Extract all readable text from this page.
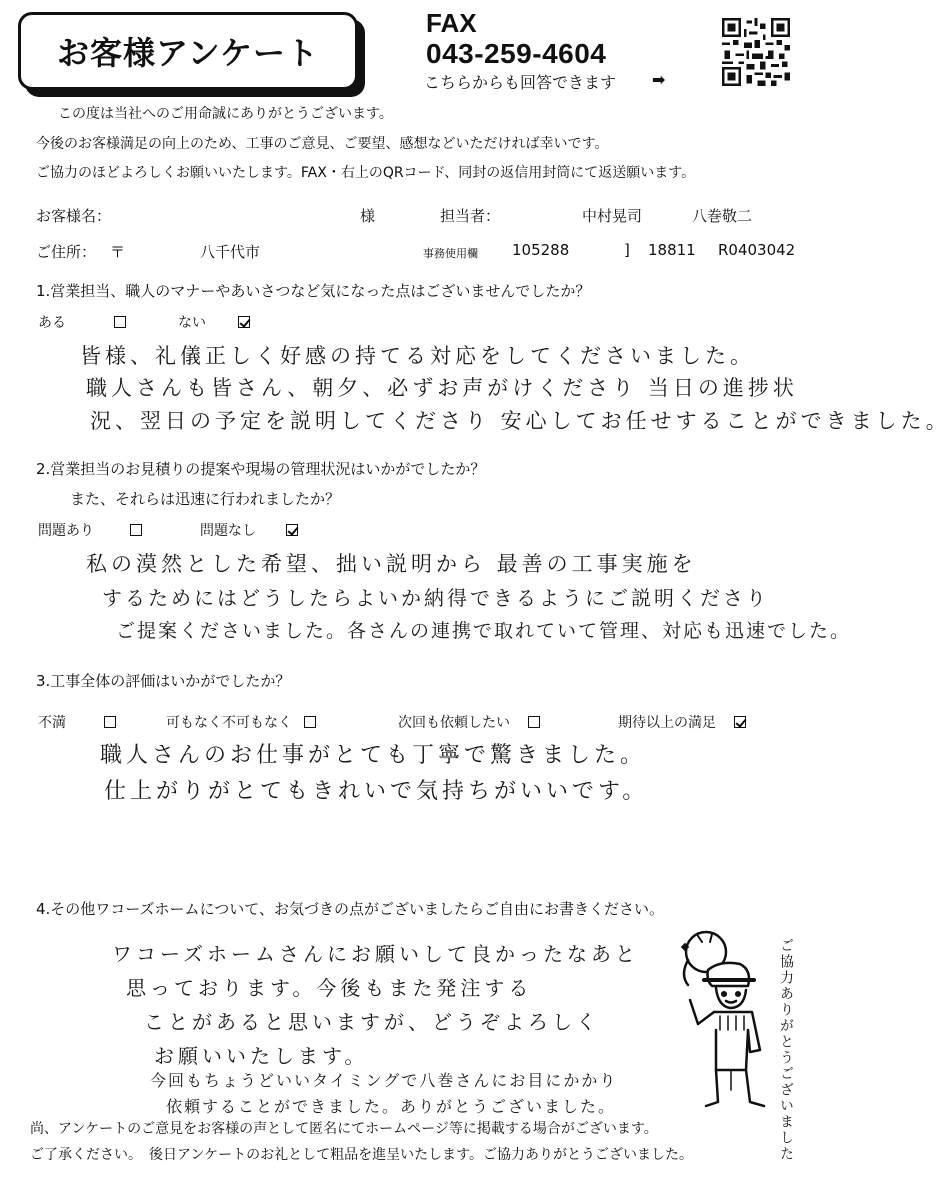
お客様アンケート
FAX
043-259-4604
こちらからも回答できます ➡
この度は当社へのご用命誠にありがとうございます。
今後のお客様満足の向上のため、工事のご意見、ご要望、感想などいただければ幸いです。
ご協力のほどよろしくお願いいたします。FAX・右上のQRコード、同封の返信用封筒にて返送願います。
お客様名：	様	担当者：	中村晃司	八巻敬二
ご住所： 〒	八千代市	事務使用欄 105288	] 18811 R0403042
1.営業担当、職人のマナーやあいさつなど気になった点はございませんでしたか？
ある	ない
皆様、礼儀正しく好感の持てる対応をしてくださいました。
職人さんも皆さん、朝夕、必ずお声がけくださり 当日の進捗状
況、翌日の予定を説明してくださり 安心してお任せすることができました。
2.営業担当のお見積りの提案や現場の管理状況はいかがでしたか？
また、それらは迅速に行われましたか？
問題あり	問題なし
私の漠然とした希望、拙い説明から 最善の工事実施を
するためにはどうしたらよいか納得できるようにご説明くださり
ご提案くださいました。各さんの連携で取れていて管理、対応も迅速でした。
3.工事全体の評価はいかがでしたか？
不満	可もなく不可もなく	次回も依頼したい	期待以上の満足
職人さんのお仕事がとても丁寧で驚きました。
仕上がりがとてもきれいで気持ちがいいです。
4.その他ワコーズホームについて、お気づきの点がございましたらご自由にお書きください。
ワコーズホームさんにお願いして良かったなあと
思っております。今後もまた発注する
ことがあると思いますが、どうぞよろしく
お願いいたします。
今回もちょうどいいタイミングで八巻さんにお目にかかり
依頼することができました。ありがとうございました。	ご協力ありがとうございました
尚、アンケートのご意見をお客様の声として匿名にてホームページ等に掲載する場合がございます。
ご了承ください。　後日アンケートのお礼として粗品を進呈いたします。ご協力ありがとうございました。
